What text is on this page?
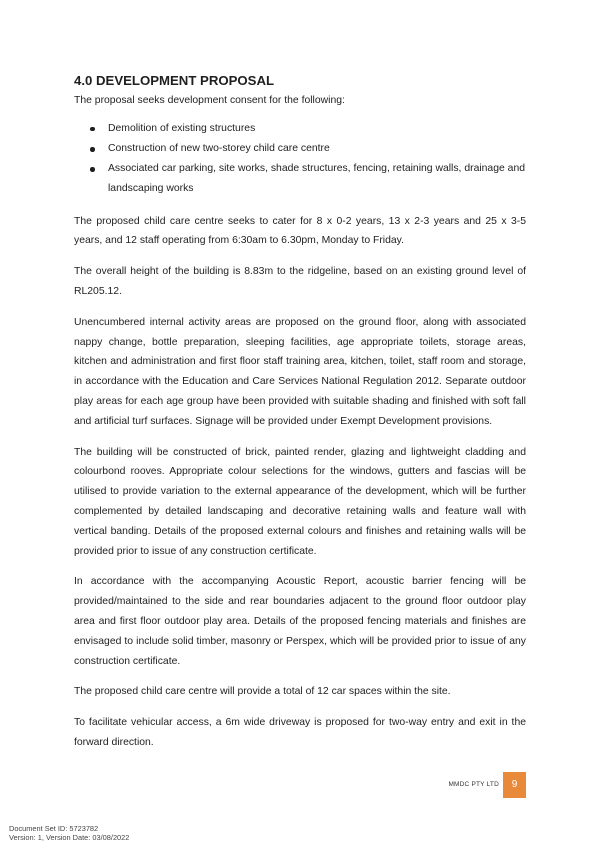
4.0 DEVELOPMENT PROPOSAL
The proposal seeks development consent for the following:
Demolition of existing structures
Construction of new two-storey child care centre
Associated car parking, site works, shade structures, fencing, retaining walls, drainage and landscaping works

The proposed child care centre seeks to cater for 8 x 0-2 years, 13 x 2-3 years and 25 x 3-5 years, and 12 staff operating from 6:30am to 6.30pm, Monday to Friday.

The overall height of the building is 8.83m to the ridgeline, based on an existing ground level of RL205.12.

Unencumbered internal activity areas are proposed on the ground floor, along with associated nappy change, bottle preparation, sleeping facilities, age appropriate toilets, storage areas, kitchen and administration and first floor staff training area, kitchen, toilet, staff room and storage, in accordance with the Education and Care Services National Regulation 2012. Separate outdoor play areas for each age group have been provided with suitable shading and finished with soft fall and artificial turf surfaces. Signage will be provided under Exempt Development provisions.

The building will be constructed of brick, painted render, glazing and lightweight cladding and colourbond rooves. Appropriate colour selections for the windows, gutters and fascias will be utilised to provide variation to the external appearance of the development, which will be further complemented by detailed landscaping and decorative retaining walls and feature wall with vertical banding. Details of the proposed external colours and finishes and retaining walls will be provided prior to issue of any construction certificate.

In accordance with the accompanying Acoustic Report, acoustic barrier fencing will be provided/maintained to the side and rear boundaries adjacent to the ground floor outdoor play area and first floor outdoor play area. Details of the proposed fencing materials and finishes are envisaged to include solid timber, masonry or Perspex, which will be provided prior to issue of any construction certificate.

The proposed child care centre will provide a total of 12 car spaces within the site.

To facilitate vehicular access, a 6m wide driveway is proposed for two-way entry and exit in the forward direction.

MMDC PTY LTD	9
Document Set ID: 5723782
Version: 1, Version Date: 03/08/2022
